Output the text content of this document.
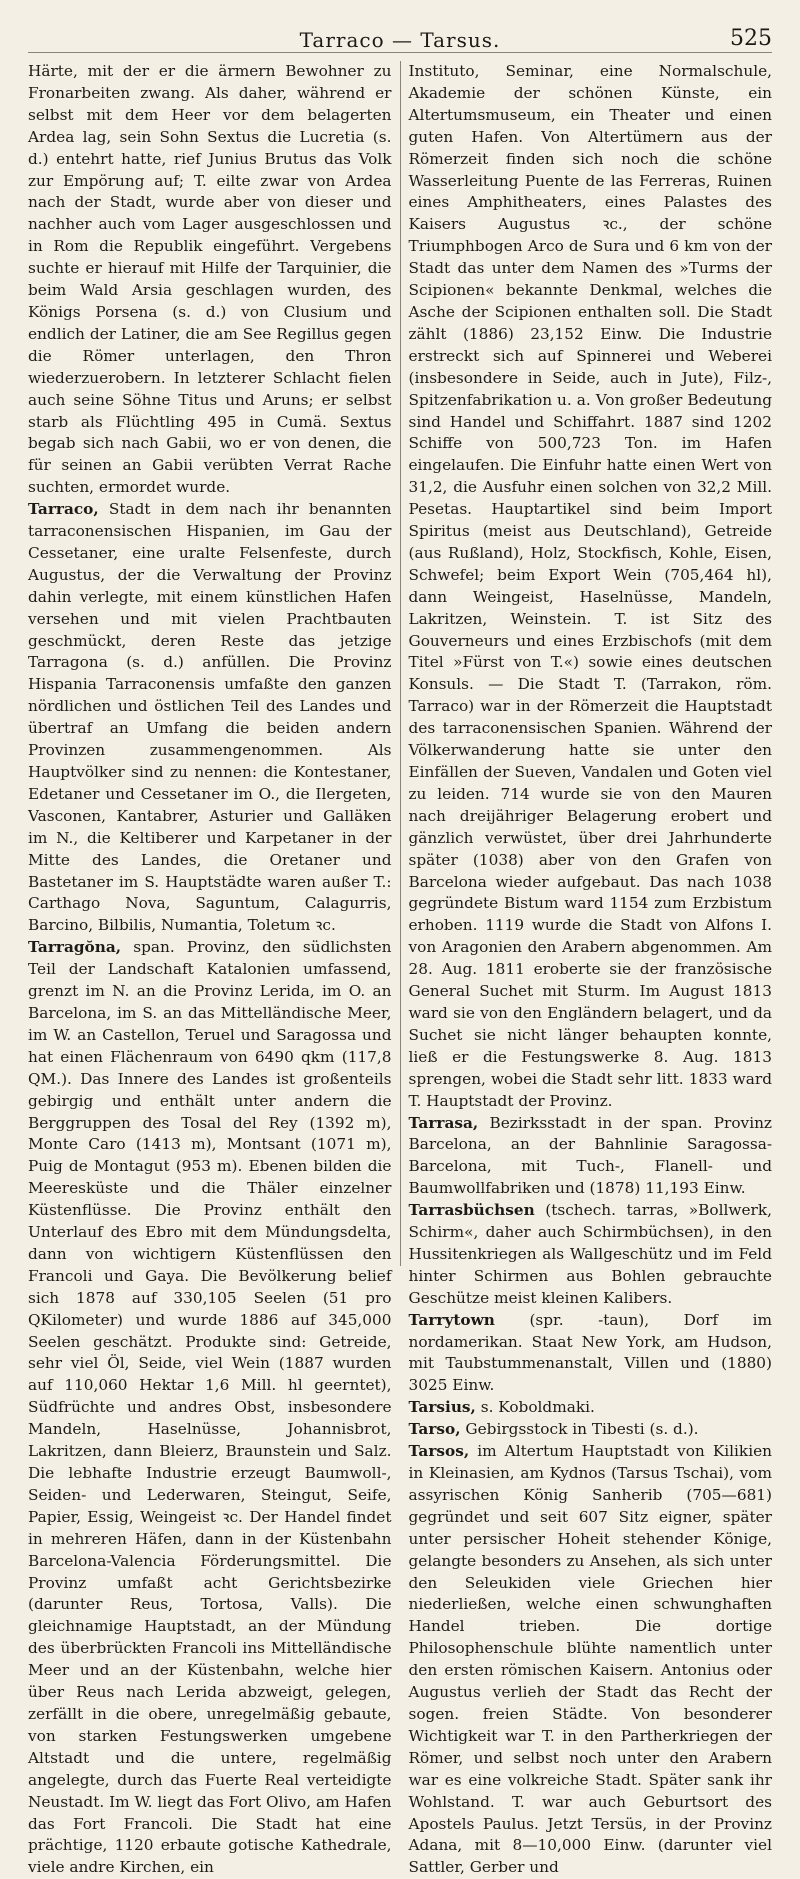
Tarraco — Tarsus.	525

Härte, mit der er die ärmern Bewohner zu Fronarbeiten zwang. Als daher, während er selbst mit dem Heer vor dem belagerten Ardea lag, sein Sohn Sextus die Lucretia (s. d.) entehrt hatte, rief Junius Brutus das Volk zur Empörung auf; T. eilte zwar von Ardea nach der Stadt, wurde aber von dieser und nachher auch vom Lager ausgeschlossen und in Rom die Republik eingeführt. Vergebens suchte er hierauf mit Hilfe der Tarquinier, die beim Wald Arsia geschlagen wurden, des Königs Porsena (s. d.) von Clusium und endlich der Latiner, die am See Regillus gegen die Römer unterlagen, den Thron wiederzuerobern. In letzterer Schlacht fielen auch seine Söhne Titus und Aruns; er selbst starb als Flüchtling 495 in Cumä. Sextus begab sich nach Gabii, wo er von denen, die für seinen an Gabii verübten Verrat Rache suchten, ermordet wurde.

Tarraco, Stadt in dem nach ihr benannten tarraconensischen Hispanien, im Gau der Cessetaner, eine uralte Felsenfeste, durch Augustus, der die Verwaltung der Provinz dahin verlegte, mit einem künstlichen Hafen versehen und mit vielen Prachtbauten geschmückt, deren Reste das jetzige Tarragona (s. d.) anfüllen. Die Provinz Hispania Tarraconensis umfaßte den ganzen nördlichen und östlichen Teil des Landes und übertraf an Umfang die beiden andern Provinzen zusammengenommen. Als Hauptvölker sind zu nennen: die Kontestaner, Edetaner und Cessetaner im O., die Ilergeten, Vasconen, Kantabrer, Asturier und Galläken im N., die Keltiberer und Karpetaner in der Mitte des Landes, die Oretaner und Bastetaner im S. Hauptstädte waren außer T.: Carthago Nova, Saguntum, Calagurris, Barcino, Bilbilis, Numantia, Toletum ꝛc.

Tarragŏna, span. Provinz, den südlichsten Teil der Landschaft Katalonien umfassend, grenzt im N. an die Provinz Lerida, im O. an Barcelona, im S. an das Mittelländische Meer, im W. an Castellon, Teruel und Saragossa und hat einen Flächenraum von 6490 qkm (117,8 QM.). Das Innere des Landes ist großenteils gebirgig und enthält unter andern die Berggruppen des Tosal del Rey (1392 m), Monte Caro (1413 m), Montsant (1071 m), Puig de Montagut (953 m). Ebenen bilden die Meeresküste und die Thäler einzelner Küstenflüsse. Die Provinz enthält den Unterlauf des Ebro mit dem Mündungsdelta, dann von wichtigern Küstenflüssen den Francoli und Gaya. Die Bevölkerung belief sich 1878 auf 330,105 Seelen (51 pro QKilometer) und wurde 1886 auf 345,000 Seelen geschätzt. Produkte sind: Getreide, sehr viel Öl, Seide, viel Wein (1887 wurden auf 110,060 Hektar 1,6 Mill. hl geerntet), Südfrüchte und andres Obst, insbesondere Mandeln, Haselnüsse, Johannisbrot, Lakritzen, dann Bleierz, Braunstein und Salz. Die lebhafte Industrie erzeugt Baumwoll-, Seiden- und Lederwaren, Steingut, Seife, Papier, Essig, Weingeist ꝛc. Der Handel findet in mehreren Häfen, dann in der Küstenbahn Barcelona-Valencia Förderungsmittel. Die Provinz umfaßt acht Gerichtsbezirke (darunter Reus, Tortosa, Valls). Die gleichnamige Hauptstadt, an der Mündung des überbrückten Francoli ins Mittelländische Meer und an der Küstenbahn, welche hier über Reus nach Lerida abzweigt, gelegen, zerfällt in die obere, unregelmäßig gebaute, von starken Festungswerken umgebene Altstadt und die untere, regelmäßig angelegte, durch das Fuerte Real verteidigte Neustadt. Im W. liegt das Fort Olivo, am Hafen das Fort Francoli. Die Stadt hat eine prächtige, 1120 erbaute gotische Kathedrale, viele andre Kirchen, ein

Instituto, Seminar, eine Normalschule, Akademie der schönen Künste, ein Altertumsmuseum, ein Theater und einen guten Hafen. Von Altertümern aus der Römerzeit finden sich noch die schöne Wasserleitung Puente de las Ferreras, Ruinen eines Amphitheaters, eines Palastes des Kaisers Augustus ꝛc., der schöne Triumphbogen Arco de Sura und 6 km von der Stadt das unter dem Namen des »Turms der Scipionen« bekannte Denkmal, welches die Asche der Scipionen enthalten soll. Die Stadt zählt (1886) 23,152 Einw. Die Industrie erstreckt sich auf Spinnerei und Weberei (insbesondere in Seide, auch in Jute), Filz-, Spitzenfabrikation u. a. Von großer Bedeutung sind Handel und Schiffahrt. 1887 sind 1202 Schiffe von 500,723 Ton. im Hafen eingelaufen. Die Einfuhr hatte einen Wert von 31,2, die Ausfuhr einen solchen von 32,2 Mill. Pesetas. Hauptartikel sind beim Import Spiritus (meist aus Deutschland), Getreide (aus Rußland), Holz, Stockfisch, Kohle, Eisen, Schwefel; beim Export Wein (705,464 hl), dann Weingeist, Haselnüsse, Mandeln, Lakritzen, Weinstein. T. ist Sitz des Gouverneurs und eines Erzbischofs (mit dem Titel »Fürst von T.«) sowie eines deutschen Konsuls. — Die Stadt T. (Tarrakon, röm. Tarraco) war in der Römerzeit die Hauptstadt des tarraconensischen Spanien. Während der Völkerwanderung hatte sie unter den Einfällen der Sueven, Vandalen und Goten viel zu leiden. 714 wurde sie von den Mauren nach dreijähriger Belagerung erobert und gänzlich verwüstet, über drei Jahrhunderte später (1038) aber von den Grafen von Barcelona wieder aufgebaut. Das nach 1038 gegründete Bistum ward 1154 zum Erzbistum erhoben. 1119 wurde die Stadt von Alfons I. von Aragonien den Arabern abgenommen. Am 28. Aug. 1811 eroberte sie der französische General Suchet mit Sturm. Im August 1813 ward sie von den Engländern belagert, und da Suchet sie nicht länger behaupten konnte, ließ er die Festungswerke 8. Aug. 1813 sprengen, wobei die Stadt sehr litt. 1833 ward T. Hauptstadt der Provinz.

Tarrasa, Bezirksstadt in der span. Provinz Barcelona, an der Bahnlinie Saragossa-Barcelona, mit Tuch-, Flanell- und Baumwollfabriken und (1878) 11,193 Einw.

Tarrasbüchsen (tschech. tarras, »Bollwerk, Schirm«, daher auch Schirmbüchsen), in den Hussitenkriegen als Wallgeschütz und im Feld hinter Schirmen aus Bohlen gebrauchte Geschütze meist kleinen Kalibers.

Tarrytown (spr. -taun), Dorf im nordamerikan. Staat New York, am Hudson, mit Taubstummenanstalt, Villen und (1880) 3025 Einw.

Tarsius, s. Koboldmaki.

Tarso, Gebirgsstock in Tibesti (s. d.).

Tarsos, im Altertum Hauptstadt von Kilikien in Kleinasien, am Kydnos (Tarsus Tschai), vom assyrischen König Sanherib (705—681) gegründet und seit 607 Sitz eigner, später unter persischer Hoheit stehender Könige, gelangte besonders zu Ansehen, als sich unter den Seleukiden viele Griechen hier niederließen, welche einen schwunghaften Handel trieben. Die dortige Philosophenschule blühte namentlich unter den ersten römischen Kaisern. Antonius oder Augustus verlieh der Stadt das Recht der sogen. freien Städte. Von besonderer Wichtigkeit war T. in den Partherkriegen der Römer, und selbst noch unter den Arabern war es eine volkreiche Stadt. Später sank ihr Wohlstand. T. war auch Geburtsort des Apostels Paulus. Jetzt Tersüs, in der Provinz Adana, mit 8—10,000 Einw. (darunter viel Sattler, Gerber und
